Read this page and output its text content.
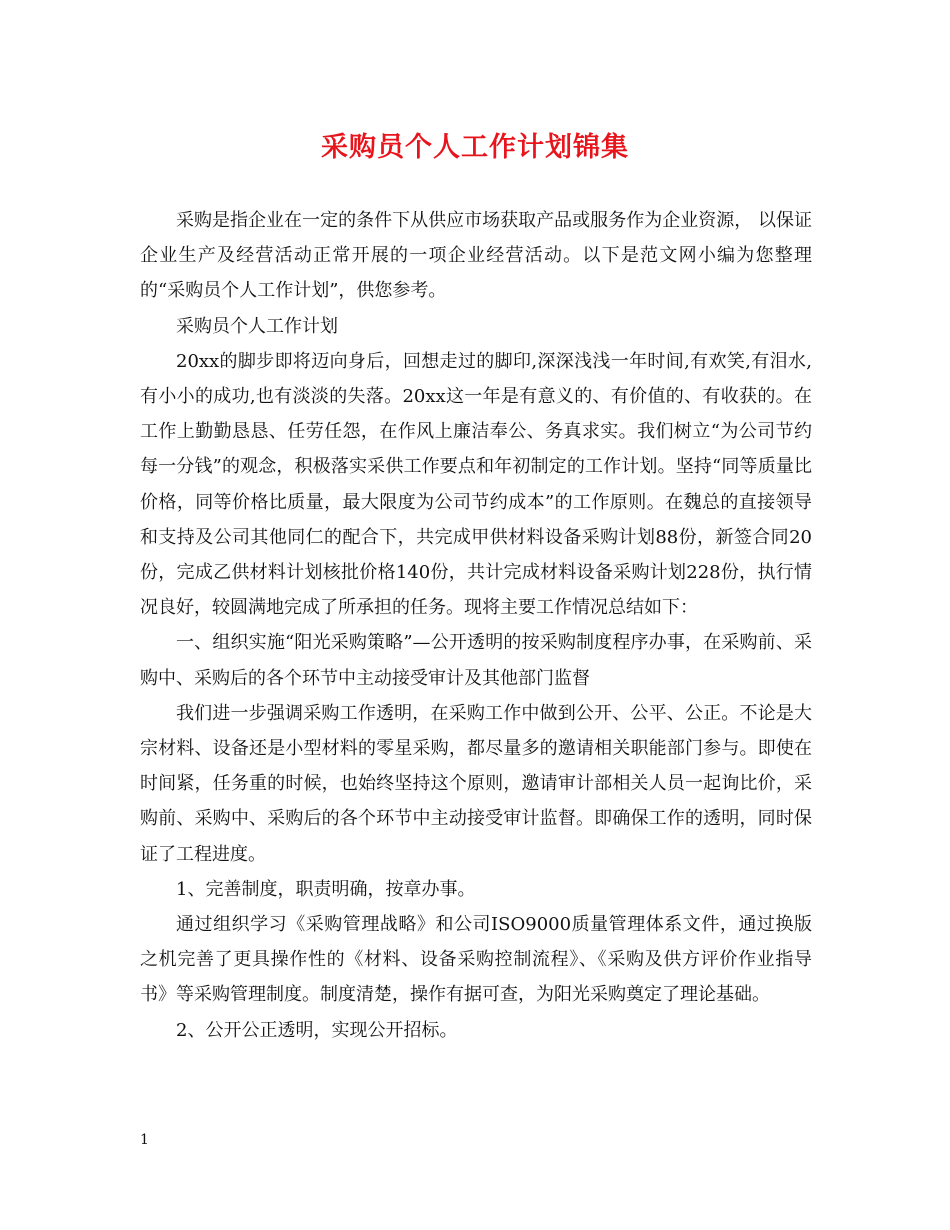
采购员个人工作计划锦集

采购是指企业在一定的条件下从供应市场获取产品或服务作为企业资源， 以保证企业生产及经营活动正常开展的一项企业经营活动。以下是范文网小编为您整理的“采购员个人工作计划”，供您参考。

采购员个人工作计划

20xx的脚步即将迈向身后，回想走过的脚印,深深浅浅一年时间,有欢笑,有泪水,有小小的成功,也有淡淡的失落。20xx这一年是有意义的、有价值的、有收获的。在工作上勤勤恳恳、任劳任怨，在作风上廉洁奉公、务真求实。我们树立“为公司节约每一分钱”的观念，积极落实采供工作要点和年初制定的工作计划。坚持“同等质量比价格，同等价格比质量，最大限度为公司节约成本”的工作原则。在魏总的直接领导和支持及公司其他同仁的配合下，共完成甲供材料设备采购计划88份，新签合同20份，完成乙供材料计划核批价格140份，共计完成材料设备采购计划228份，执行情况良好，较圆满地完成了所承担的任务。现将主要工作情况总结如下：

一、组织实施“阳光采购策略”—公开透明的按采购制度程序办事，在采购前、采购中、采购后的各个环节中主动接受审计及其他部门监督

我们进一步强调采购工作透明，在采购工作中做到公开、公平、公正。不论是大宗材料、设备还是小型材料的零星采购，都尽量多的邀请相关职能部门参与。即使在时间紧，任务重的时候，也始终坚持这个原则，邀请审计部相关人员一起询比价，采购前、采购中、采购后的各个环节中主动接受审计监督。即确保工作的透明，同时保证了工程进度。

1、完善制度，职责明确，按章办事。

通过组织学习《采购管理战略》和公司ISO9000质量管理体系文件，通过换版之机完善了更具操作性的《材料、设备采购控制流程》、《采购及供方评价作业指导书》等采购管理制度。制度清楚，操作有据可查，为阳光采购奠定了理论基础。

2、公开公正透明，实现公开招标。

1
